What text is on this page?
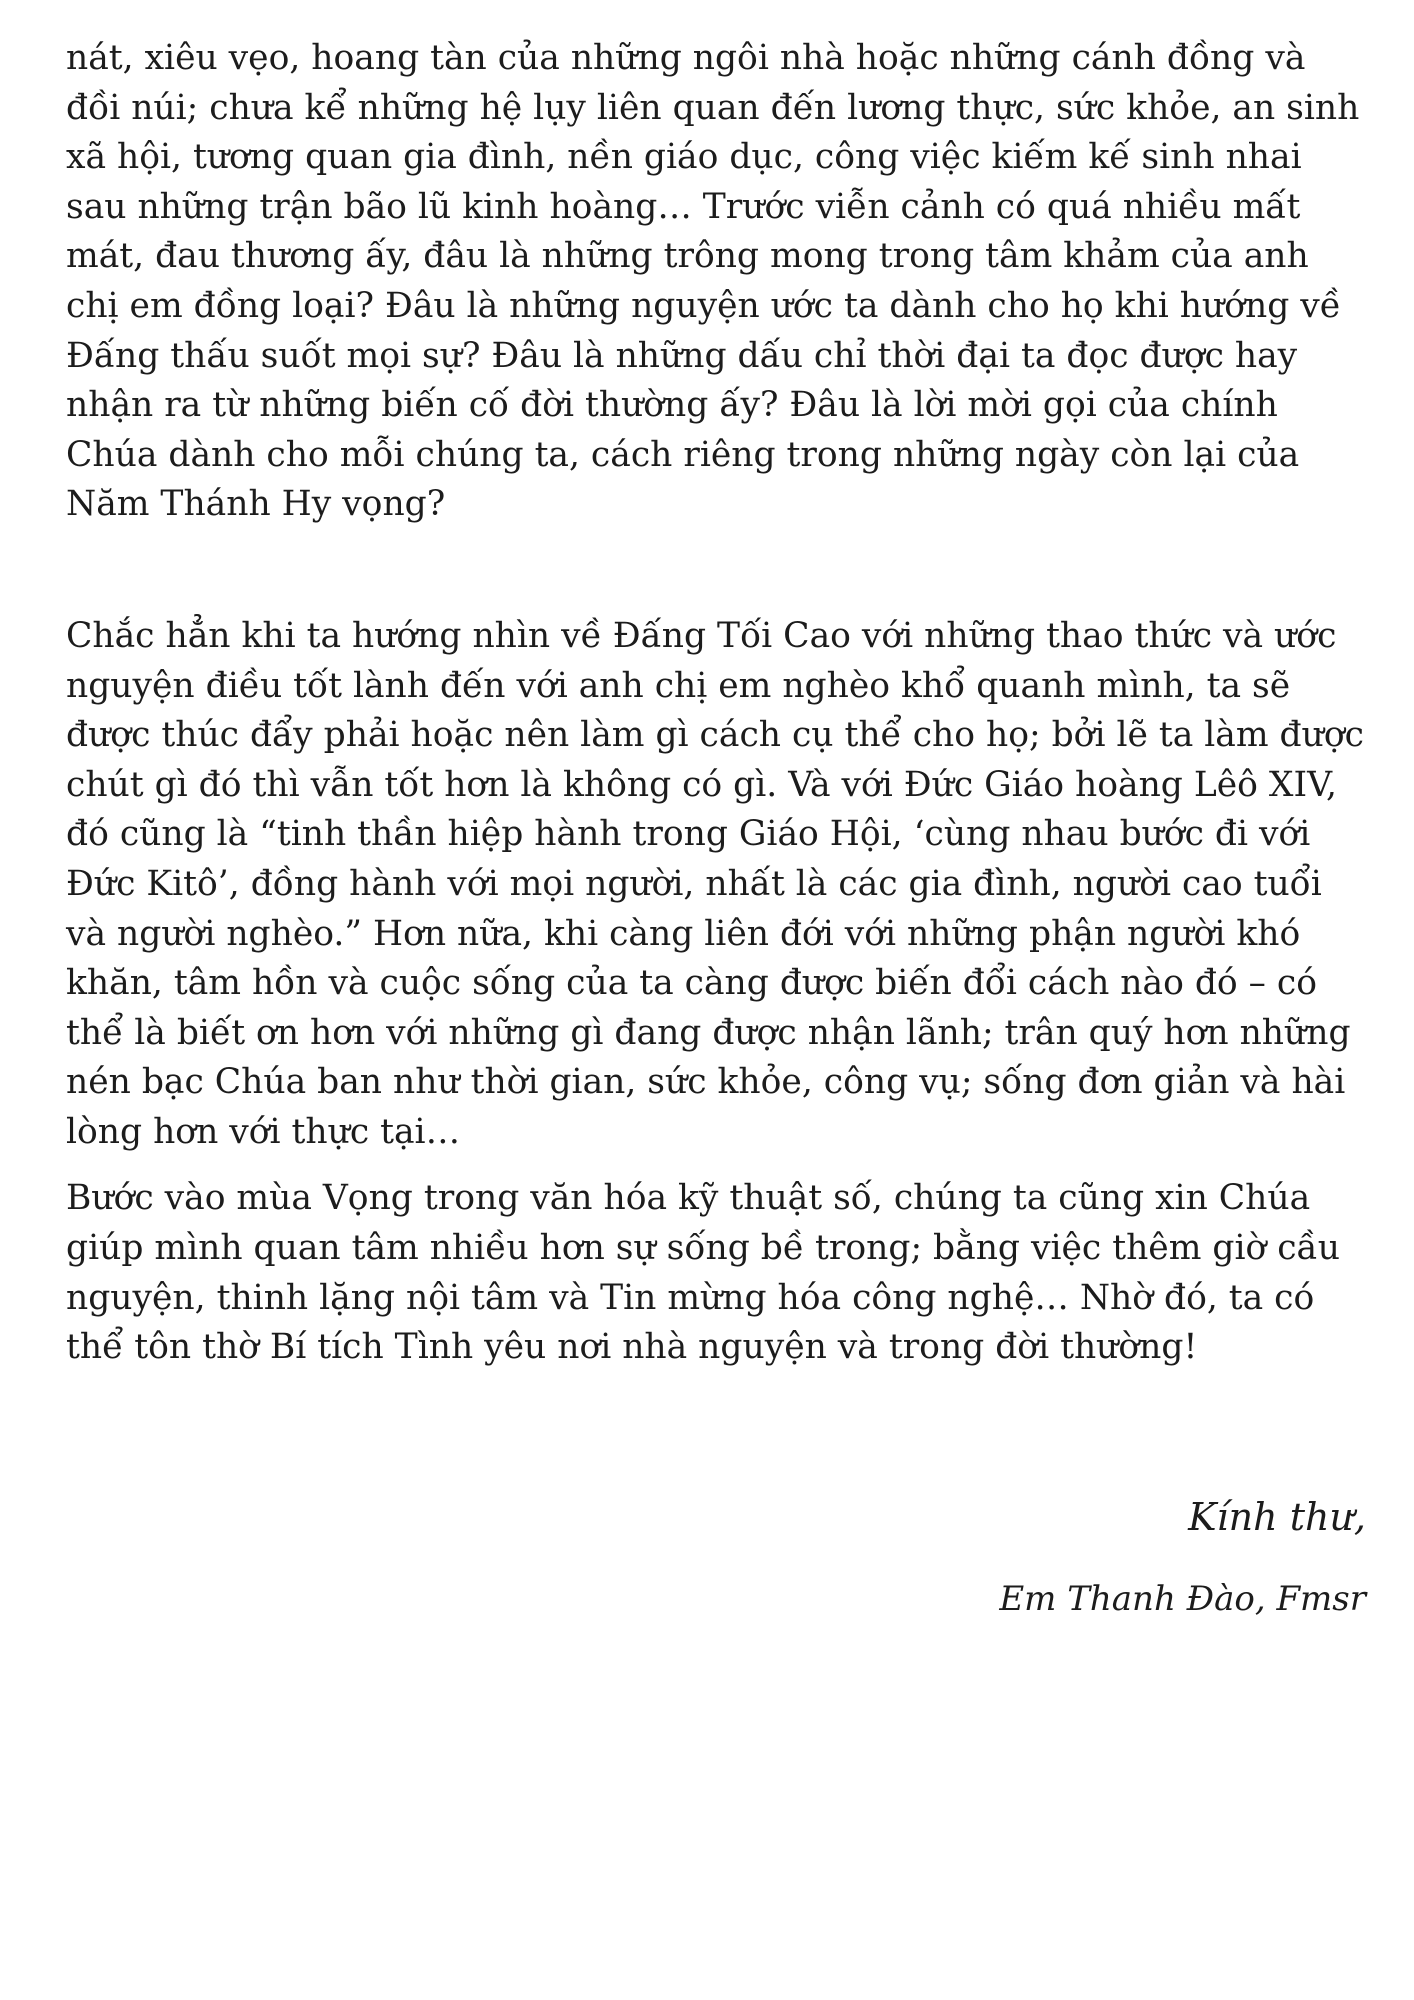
nát, xiêu vẹo, hoang tàn của những ngôi nhà hoặc những cánh đồng và đồi núi; chưa kể những hệ lụy liên quan đến lương thực, sức khỏe, an sinh xã hội, tương quan gia đình, nền giáo dục, công việc kiếm kế sinh nhai sau những trận bão lũ kinh hoàng… Trước viễn cảnh có quá nhiều mất mát, đau thương ấy, đâu là những trông mong trong tâm khảm của anh chị em đồng loại? Đâu là những nguyện ước ta dành cho họ khi hướng về Đấng thấu suốt mọi sự? Đâu là những dấu chỉ thời đại ta đọc được hay nhận ra từ những biến cố đời thường ấy? Đâu là lời mời gọi của chính Chúa dành cho mỗi chúng ta, cách riêng trong những ngày còn lại của Năm Thánh Hy vọng?

Chắc hẳn khi ta hướng nhìn về Đấng Tối Cao với những thao thức và ước nguyện điều tốt lành đến với anh chị em nghèo khổ quanh mình, ta sẽ được thúc đẩy phải hoặc nên làm gì cách cụ thể cho họ; bởi lẽ ta làm được chút gì đó thì vẫn tốt hơn là không có gì. Và với Đức Giáo hoàng Lêô XIV, đó cũng là “tinh thần hiệp hành trong Giáo Hội, ‘cùng nhau bước đi với Đức Kitô’, đồng hành với mọi người, nhất là các gia đình, người cao tuổi và người nghèo.” Hơn nữa, khi càng liên đới với những phận người khó khăn, tâm hồn và cuộc sống của ta càng được biến đổi cách nào đó – có thể là biết ơn hơn với những gì đang được nhận lãnh; trân quý hơn những nén bạc Chúa ban như thời gian, sức khỏe, công vụ; sống đơn giản và hài lòng hơn với thực tại…

Bước vào mùa Vọng trong văn hóa kỹ thuật số, chúng ta cũng xin Chúa giúp mình quan tâm nhiều hơn sự sống bề trong; bằng việc thêm giờ cầu nguyện, thinh lặng nội tâm và Tin mừng hóa công nghệ… Nhờ đó, ta có thể tôn thờ Bí tích Tình yêu nơi nhà nguyện và trong đời thường!

Kính thư,
Em Thanh Đào, Fmsr
